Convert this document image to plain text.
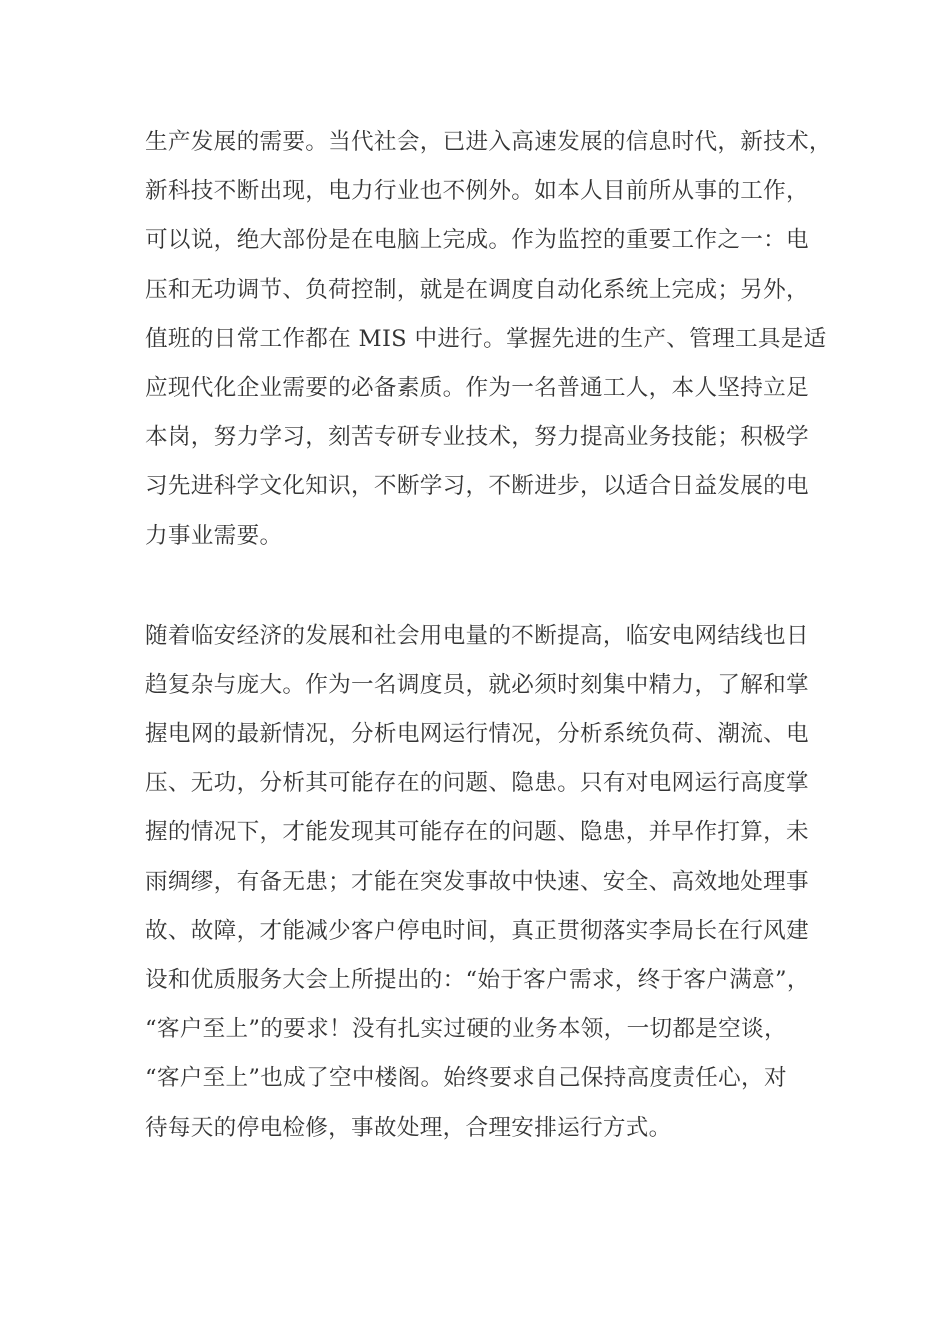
生产发展的需要。当代社会，已进入高速发展的信息时代，新技术，
新科技不断出现，电力行业也不例外。如本人目前所从事的工作，
可以说，绝大部份是在电脑上完成。作为监控的重要工作之一：电
压和无功调节、负荷控制，就是在调度自动化系统上完成；另外，
值班的日常工作都在 MIS 中进行。掌握先进的生产、管理工具是适
应现代化企业需要的必备素质。作为一名普通工人，本人坚持立足
本岗，努力学习，刻苦专研专业技术，努力提高业务技能；积极学
习先进科学文化知识，不断学习，不断进步，以适合日益发展的电
力事业需要。
随着临安经济的发展和社会用电量的不断提高，临安电网结线也日
趋复杂与庞大。作为一名调度员，就必须时刻集中精力，了解和掌
握电网的最新情况，分析电网运行情况，分析系统负荷、潮流、电
压、无功，分析其可能存在的问题、隐患。只有对电网运行高度掌
握的情况下，才能发现其可能存在的问题、隐患，并早作打算，未
雨绸缪，有备无患；才能在突发事故中快速、安全、高效地处理事
故、故障，才能减少客户停电时间，真正贯彻落实李局长在行风建
设和优质服务大会上所提出的：“始于客户需求，终于客户满意”，
“客户至上”的要求！没有扎实过硬的业务本领，一切都是空谈，
“客户至上”也成了空中楼阁。始终要求自己保持高度责任心，对
待每天的停电检修，事故处理，合理安排运行方式。
